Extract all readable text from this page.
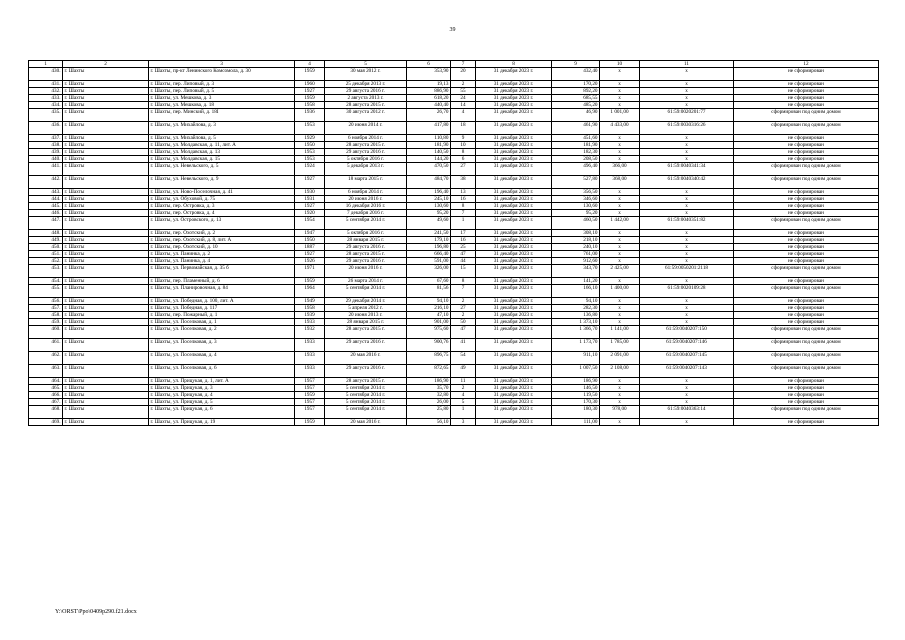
39
1	2	3	4	5	6	7	8	9	10	11	12
430.	г. Шахты	г. Шахты, пр-кт Ленинского Комсомола, д. 30	1959	30 мая 2012 г.	353,90	20	31 декабря 2023 г.	432,40	x	x	не сформирован
431.	г. Шахты	г. Шахты, пер. Липовый, д. 3	1960	25 декабря 2013 г.	19,13	2	31 декабря 2023 г.	170,20	x	x	не сформирован
432.	г. Шахты	г. Шахты, пер. Липовый, д. 5	1927	29 августа 2016 г.	886,90	55	31 декабря 2023 г.	892,20	x	x	не сформирован
433.	г. Шахты	г. Шахты, ул. Мешкова, д. 3	1959	2 августа 2013 г.	618,20	24	31 декабря 2023 г.	685,55	x	x	не сформирован
434.	г. Шахты	г. Шахты, ул. Мешкова, д. 18	1958	28 августа 2015 г.	440,40	14	31 декабря 2023 г.	485,20	x	x	не сформирован
435.	г. Шахты	г. Шахты, пер. Минский, д. 18І	1936	30 августа 2012 г.	26,70	4	31 декабря 2023 г.	46,90	1 001,00	61:59:0020201:77	сформирован под одним домом
436.	г. Шахты	г. Шахты, ул. Михайлова, д. 3	1953	20 июня 2014 г.	417,80	18	31 декабря 2023 г.	461,90	4 433,00	61:59:0030316:26	сформирован под одним домом
437.	г. Шахты	г. Шахты, ул. Михайлова, д. 5	1929	6 ноября 2014 г.	110,80	9	31 декабря 2023 г.	451,60	x	x	не сформирован
438.	г. Шахты	г. Шахты, ул. Молдавская, д. 11, лит. А	1950	28 августа 2015 г.	181,90	10	31 декабря 2023 г.	181,90	x	x	не сформирован
439.	г. Шахты	г. Шахты, ул. Молдавская, д. 13	1953	29 августа 2016 г.	140,50	8	31 декабря 2023 г.	182,30	x	x	не сформирован
440.	г. Шахты	г. Шахты, ул. Молдавская, д. 15	1953	5 октября 2016 г.	144,20	6	31 декабря 2023 г.	208,50	x	x	не сформирован
441.	г. Шахты	г. Шахты, ул. Невельского, д. 5	1924	5 декабря 2013 г.	470,50	27	31 декабря 2023 г.	496,40	366,00	61:59:0040341:34	сформирован под одним домом
442.	г. Шахты	г. Шахты, ул. Невельского, д. 9	1927	18 марта 2015 г.	484,70	38	31 декабря 2023 г.	527,80	368,00	61:59:0040340:42	сформирован под одним домом
443.	г. Шахты	г. Шахты, ул. Ново-Поселочная, д. 41	1930	6 ноября 2014 г.	196,40	13	31 декабря 2023 г.	356,50	x	x	не сформирован
444.	г. Шахты	г. Шахты, ул. Обуховой, д. 75	1931	20 июня 2016 г.	245,10	16	31 декабря 2023 г.	346,60	x	x	не сформирован
445.	г. Шахты	г. Шахты, пер. Островка, д. 3	1927	16 декабря 2016 г.	130,60	8	31 декабря 2023 г.	130,60	x	x	не сформирован
446.	г. Шахты	г. Шахты, пер. Островка, д. 4	1920	7 декабря 2016 г.	95,20	7	31 декабря 2023 г.	95,20	x	x	не сформирован
447.	г. Шахты	г. Шахты, ул. Островского, д. 13	1954	5 сентября 2014 г.	49,60	1	31 декабря 2023 г.	460,50	1 442,00	61:59:0040351:82	сформирован под одним домом
448.	г. Шахты	г. Шахты, пер. Охотский, д. 2	1947	5 октября 2016 г.	241,50	17	31 декабря 2023 г.	308,10	x	x	не сформирован
449.	г. Шахты	г. Шахты, пер. Охотский, д. 8, лит. А	1950	28 января 2015 г.	179,10	16	31 декабря 2023 г.	218,10	x	x	не сформирован
450.	г. Шахты	г. Шахты, пер. Охотский, д. 10	1887	29 августа 2016 г.	196,80	25	31 декабря 2023 г.	240,10	x	x	не сформирован
451.	г. Шахты	г. Шахты, ул. Панинка, д. 2	1927	28 августа 2015 г.	666,40	47	31 декабря 2023 г.	761,00	x	x	не сформирован
452.	г. Шахты	г. Шахты, ул. Панинка, д. 4	1926	29 августа 2016 г.	591,00	44	31 декабря 2023 г.	912,60	x	x	не сформирован
453.	г. Шахты	г. Шахты, ул. Первомайская, д. 35 б	1971	20 июня 2016 г.	326,00	15	31 декабря 2023 г.	343,70	2 425,00	61:59:0050201:2118	сформирован под одним домом
454.	г. Шахты	г. Шахты, пер. Пламенный, д. 6	1959	26 марта 2014 г.	67,60	8	31 декабря 2023 г.	141,20	x	x	не сформирован
455.	г. Шахты	г. Шахты, ул. Планировочная, д. 84	1964	5 сентября 2014 г.	81,56	7	31 декабря 2023 г.	166,10	1 400,00	61:59:0020109:28	сформирован под одним домом
456.	г. Шахты	г. Шахты, ул. Победная, д. 100, лит. А	1949	29 декабря 2014 г.	94,10	2	31 декабря 2023 г.	94,10	x	x	не сформирован
457.	г. Шахты	г. Шахты, ул. Победная, д. 117	1958	5 апреля 2012 г.	216,10	27	31 декабря 2023 г.	282,30	x	x	не сформирован
458.	г. Шахты	г. Шахты, пер. Пожарный, д. 1	1939	20 июня 2013 г.	47,10	2	31 декабря 2023 г.	136,80	x	x	не сформирован
459.	г. Шахты	г. Шахты, ул. Поселковая, д. 1	1933	28 января 2015 г.	901,00	50	31 декабря 2023 г.	1 373,10	x	x	не сформирован
460.	г. Шахты	г. Шахты, ул. Поселковая, д. 2	1932	28 августа 2015 г.	975,60	47	31 декабря 2023 г.	1 366,70	1 141,00	61:59:0040207:150	сформирован под одним домом
461.	г. Шахты	г. Шахты, ул. Поселковая, д. 3	1933	29 августа 2016 г.	900,76	41	31 декабря 2023 г.	1 173,70	1 785,00	61:59:0040207:146	сформирован под одним домом
462.	г. Шахты	г. Шахты, ул. Поселковая, д. 4	1933	20 мая 2016 г.	896,75	54	31 декабря 2023 г.	911,10	2 091,00	61:59:0040207:145	сформирован под одним домом
463.	г. Шахты	г. Шахты, ул. Поселковая, д. 6	1933	29 августа 2016 г.	872,65	49	31 декабря 2023 г.	1 007,50	2 108,00	61:59:0040207:143	сформирован под одним домом
464.	г. Шахты	г. Шахты, ул. Прицукая, д. 1, лит. А	1957	28 августа 2015 г.	186,90	11	31 декабря 2023 г.	186,90	x	x	не сформирован
465.	г. Шахты	г. Шахты, ул. Прицукая, д. 3	1957	5 сентября 2014 г.	35,70	2	31 декабря 2023 г.	146,50	x	x	не сформирован
466.	г. Шахты	г. Шахты, ул. Прицукая, д. 4	1959	5 сентября 2014 г.	32,80	4	31 декабря 2023 г.	119,50	x	x	не сформирован
467.	г. Шахты	г. Шахты, ул. Прицукая, д. 5	1957	5 сентября 2014 г.	26,00	5	31 декабря 2023 г.	170,30	x	x	не сформирован
468.	г. Шахты	г. Шахты, ул. Прицукая, д. 6	1957	5 сентября 2014 г.	25,80	1	31 декабря 2023 г.	180,30	978,00	61:59:0040363:14	сформирован под одним домом
469.	г. Шахты	г. Шахты, ул. Прицукая, д. 19	1959	20 мая 2016 г.	56,10	3	31 декабря 2023 г.	111,00	x	x	не сформирован
Y:\ORST\Ppo\0409p290.f21.docx
